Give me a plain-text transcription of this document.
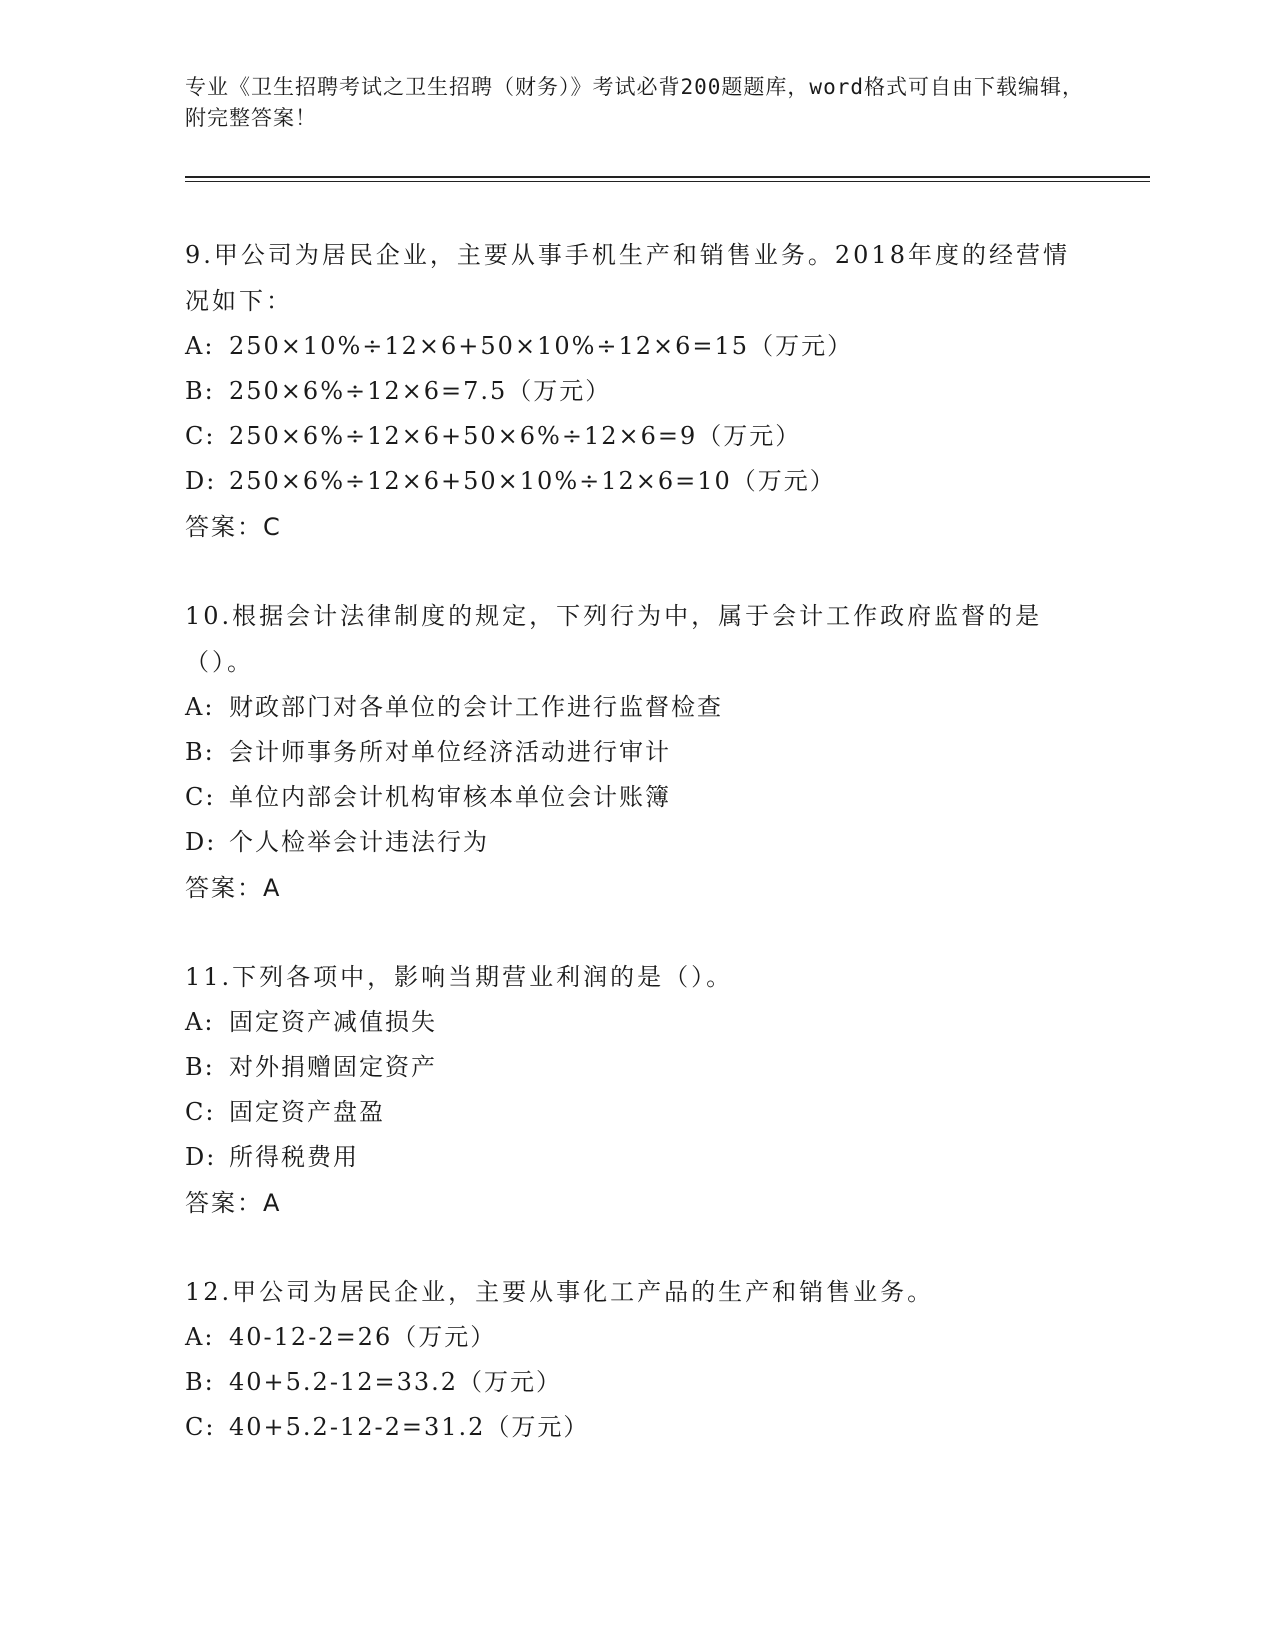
专业《卫生招聘考试之卫生招聘（财务）》考试必背200题题库，word格式可自由下载编辑，附完整答案！
9.甲公司为居民企业，主要从事手机生产和销售业务。2018年度的经营情况如下：
A: 250×10%÷12×6+50×10%÷12×6=15（万元）
B: 250×6%÷12×6=7.5（万元）
C: 250×6%÷12×6+50×6%÷12×6=9（万元）
D: 250×6%÷12×6+50×10%÷12×6=10（万元）
答案：C
10.根据会计法律制度的规定，下列行为中，属于会计工作政府监督的是（）。
A: 财政部门对各单位的会计工作进行监督检查
B: 会计师事务所对单位经济活动进行审计
C: 单位内部会计机构审核本单位会计账簿
D: 个人检举会计违法行为
答案：A
11.下列各项中，影响当期营业利润的是（）。
A: 固定资产减值损失
B: 对外捐赠固定资产
C: 固定资产盘盈
D: 所得税费用
答案：A
12.甲公司为居民企业，主要从事化工产品的生产和销售业务。
A: 40-12-2=26（万元）
B: 40+5.2-12=33.2（万元）
C: 40+5.2-12-2=31.2（万元）
